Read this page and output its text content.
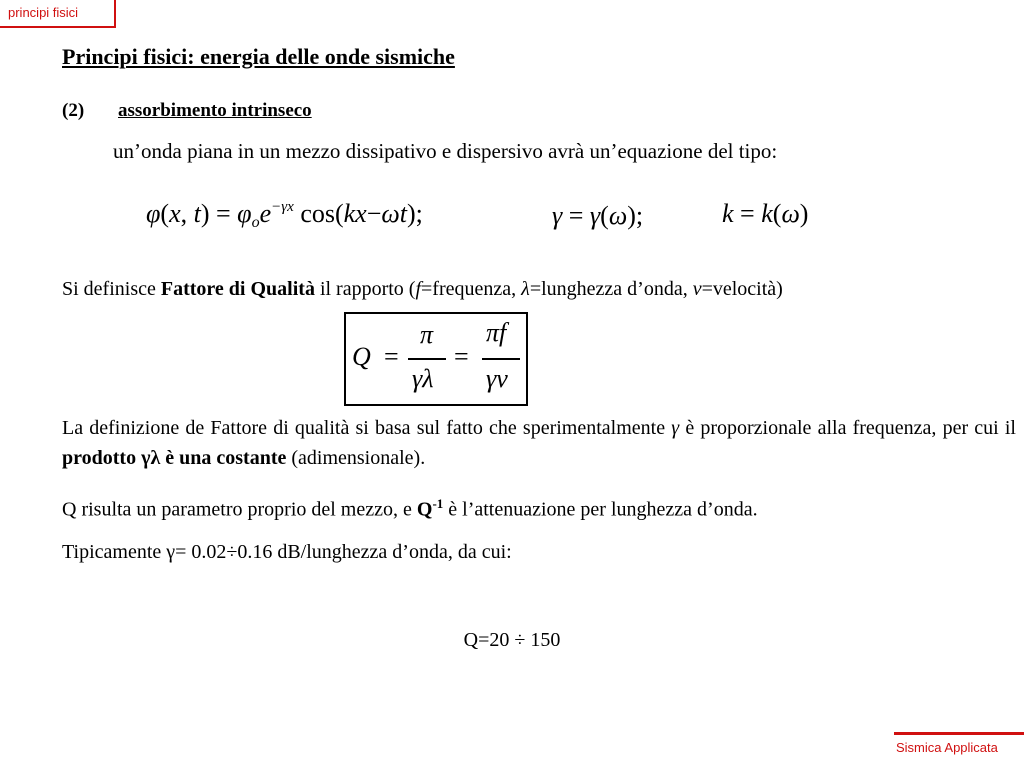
principi fisici
Principi fisici: energia delle onde sismiche
(2) assorbimento intrinseco
un’onda piana in un mezzo dissipativo e dispersivo avrà un’equazione del tipo:
φ(x, t) = φoe$^{-\gamma x}$ cos(kx−ωt);	γ = γ(ω);	k = k(ω)
Si definisce Fattore di Qualità il rapporto (f=frequenza, λ=lunghezza d’onda, v=velocità)
Q =
π
γλ
=
πf
γv
La definizione de Fattore di qualità si basa sul fatto che sperimentalmente γ è proporzionale alla frequenza, per cui il prodotto γλ è una costante (adimensionale).
Q risulta un parametro proprio del mezzo, e $Q^{-1}$ è l’attenuazione per lunghezza d’onda.
Tipicamente γ= 0.02÷0.16 dB/lunghezza d’onda, da cui:
Q=20 ÷ 150
Sismica Applicata
